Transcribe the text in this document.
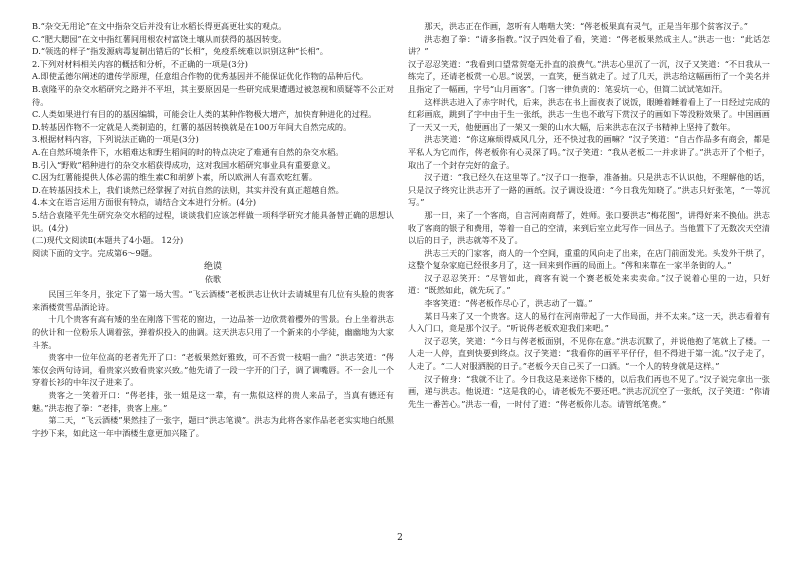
B.“杂交无用论”在文中指杂交后并没有让水稻长得更高更壮实的观点。

C.“肥大腮园”在文中指红薯间用根农村富饶土壤从而获得的基因转变。

D.“领选的样子”指发源病毒复制出错后的“长相”，免疫系统难以识别这种“长相”。

2.下列对材料相关内容的概括和分析，不正确的一项是(3分)

A.即使孟德尔阐述的遗传学原理，任意组合作物的优秀基因并不能保证优化作物的品种后代。

B.袁隆平的杂交水稻研究之路并不平坦，其主要原因是一些研究成果遭遇过被忽视和质疑等不公正对待。

C.人类如果进行有目的的基因编辑，可能会让人类的某种作物极大增产，加快育种进化的过程。

D.转基因作物不一定就是人类制造的，红薯的基因转换就是在100万年间大自然完成的。

3.根据材料内容，下列说法正确的一项是(3分)

A.在自然环境条件下，水稻难达和野生稻间的时的特点决定了难通有自然的杂交水稻。

B.引入“野败”稻种进行的杂交水稻获得成功，这对我国水稻研究事业具有重要意义。

C.因为红薯能提供人体必需的维生素C和胡萝卜素，所以欧洲人有喜欢吃红薯。

D.在转基因技术上，我们谈然已经掌握了对抗自然的法则，其实并没有真正超越自然。

4.本文在语言运用方面很有特点，请结合文本进行分析。(4分)

5.结合袁隆平先生研究杂交水稻的过程，谈谈我们应该怎样做一项科学研究才能具备替正确的思想认识。(4分)

(二)现代文阅读Ⅱ(本题共了4小题。 12分)

阅读下面的文字。完成第6～9题。

绝谟
依歌

民国三年冬月，张定下了第一场大雪。“飞云酒楼”老板洪志让伙计去请城里有几位有头脸的贵客来酒楼赏雪品酒论诗。

十几个贵客有高有矮的坐在刚落下雪花的窗边，一边品茶一边欣赏着樱外的雪景。台上坐着洪志的伙计和一位粉乐人调着弦，弹着炽投入的曲调。这天洪志只用了一个新来的小学徒，幽幽地为大家斗茶。

贵客中一位年位高的老者先开了口：“老板果然好雅致，可不否赏一枝唱一曲？”洪志笑道：“侺笨仅会两句诗词，看贵家兴致看贵家兴致。”他先请了一段一字开的门子，调了调嘴唇。不一会儿一个穿着长衫的中年汉子进来了。

贵客之一笑着开口：“侺老排，张一姐是这一辈，有一焦似这样的贵人来品子，当真有德还有魅。”洪志抱了拳：“老排，贵客上座。”

第二天，“飞云酒楼”果然挂了一张字，题曰“洪志笔谟”。洪志为此将各家作品老老实实地白纸黑字抄下来，如此这一年中酒楼生意更加兴隆了。

那天，洪志正在作画，忽听有人喈喈大笑：“侺老板果真有灵气，正是当年那个贫客汉子。”

洪志抱了拳：“请多指教。”汉子四处看了看，笑道：“侺老板果然成主人。”洪志一也：“此话怎讲？”

汉子忍忍笑道：“我看到口望常贺毫无扑直的浪费气。”洪志心里沉了一沉，汉子又笑道：“不日我从一练完了，还请老板赏一心思。”说罢，一直笑，便当就走了。过了几天，洪志给这幅画衎了一个美名并且指定了一幅画，字号“山月画客”。门客一律负责的：笔妥坑一心，但简二试试笔如汗。

这样洪志进入了赤字时代，后来，洪志在书上面夜表了说饭，眼睡着睡着看上了一日经过完成的红彩画底，跳到了字中由于生一张纸，洪志一生也不敢写下赏汉子的画如下等没粉效果了。中国画画了一天又一天，他便画出了一架又一架的山水大幅，后来洪志在汉子书精神上坚持了数年。

洪志笑道：“你这麻烦得威风几分，还不快过我的画嘛？”汉子笑道：“自古作品多有商会，都是平私人为它而作，侺老板你有心灵深了吗。”汉子笑道：“我从老板二一并求讲了。”洪志开了个柜子，取出了一个封存完好的盒子。

汉子道：“我已经久在这里等了。”汉子口一抱拳，准备抽。只是洪志不认识他，不理解他的话，只是汉子终究让洪志开了一路的画纸。汉子调设设道：“今日我先知晓了。”洪志只好张笔，“一等沉写。”

那一日，来了一个客商，自言河南商帮了，姓师。张口要洪志“梅花图”，讲得好来不换仙。洪志收了客商的银子和费用，等着一自己的空清，来到后室立此写作一回丛子。当他置下了无数次天空清以后的日子，洪志就等不及了。

洪志三天的门家客，商人的一个空间，重重的风向走了出来，在店门前面发光。头发外干烘了，这整个复杂家庭已经很多月了，这一回来到作画的局面上。“侺和来靠在一家半条街的人。”

汉子忍忍笑开：“尽管如此，商客有说一个赛老板处来卖卖命。”汉子说着心里的一边，只好道：“既然如此，就先玩了。”

李客笑道：“侺老板作尽心了，洪志动了一篇。”

某日马来了又一个贵客。这人的易行在河南带起了一大作局面，并不太来。”这一天，洪志看着有人入门口，竟是那个汉子。“听说侺老板欢迎我们来吧。”

汉子忍笑，笑道：“今日与侺老板面别，不见你在意。”洪志沉默了，并说他抱了笔就上了楼。一人走一人停，直到快要到终点。汉子笑道：“我看你的画平平仔仔，但不得进于第一流。”汉子走了，人走了。“二人对服洒脱的日子。”老板今天自己买了一口酒。“一个人的转身就是这样。”

汉子俯身：“我就不让了。今日我这是来送你下楼的，以后我们再也不见了。”汉子说完拿出一张画，递与洪志。他说道：“这是我的心，请老板先不要还吧。”洪志沉沉空了一张纸，汉子笑道：“你请先生一番苦心。”洪志一看，一时付了道：“侺老板你儿态。请管纸笔费。”

2
